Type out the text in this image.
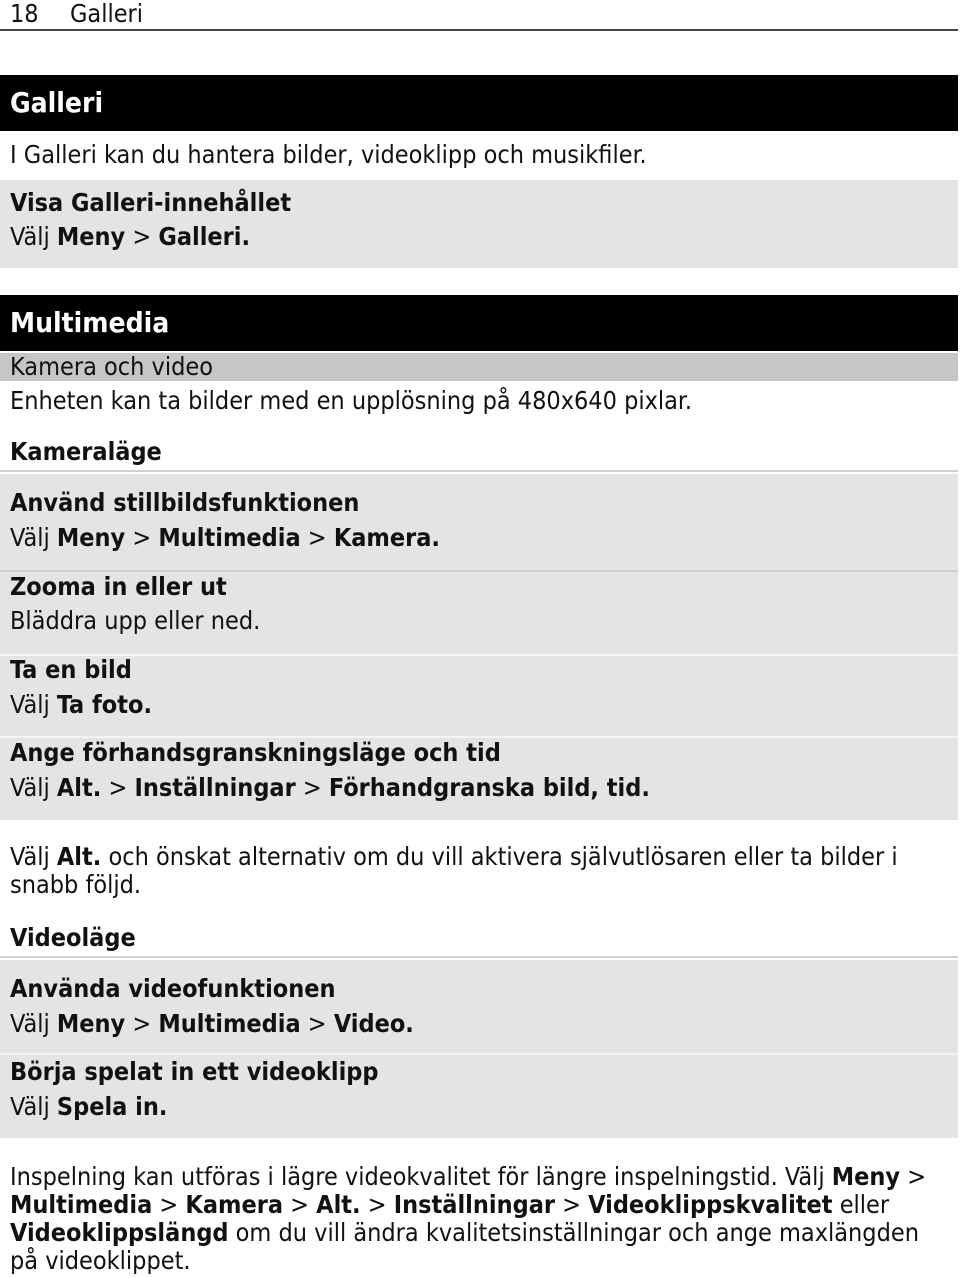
18 Galleri
Galleri
I Galleri kan du hantera bilder, videoklipp och musikfiler.
Visa Galleri-innehållet
Välj Meny > Galleri.
Multimedia
Kamera och video
Enheten kan ta bilder med en upplösning på 480x640 pixlar.
Kameraläge
Använd stillbildsfunktionen
Välj Meny > Multimedia > Kamera.
Zooma in eller ut
Bläddra upp eller ned.
Ta en bild
Välj Ta foto.
Ange förhandsgranskningsläge och tid
Välj Alt. > Inställningar > Förhandgranska bild, tid.
Välj Alt. och önskat alternativ om du vill aktivera självutlösaren eller ta bilder i snabb följd.
Videoläge
Använda videofunktionen
Välj Meny > Multimedia > Video.
Börja spelat in ett videoklipp
Välj Spela in.
Inspelning kan utföras i lägre videokvalitet för längre inspelningstid. Välj Meny > Multimedia > Kamera > Alt. > Inställningar > Videoklippskvalitet eller Videoklippslängd om du vill ändra kvalitetsinställningar och ange maxlängden på videoklippet.
